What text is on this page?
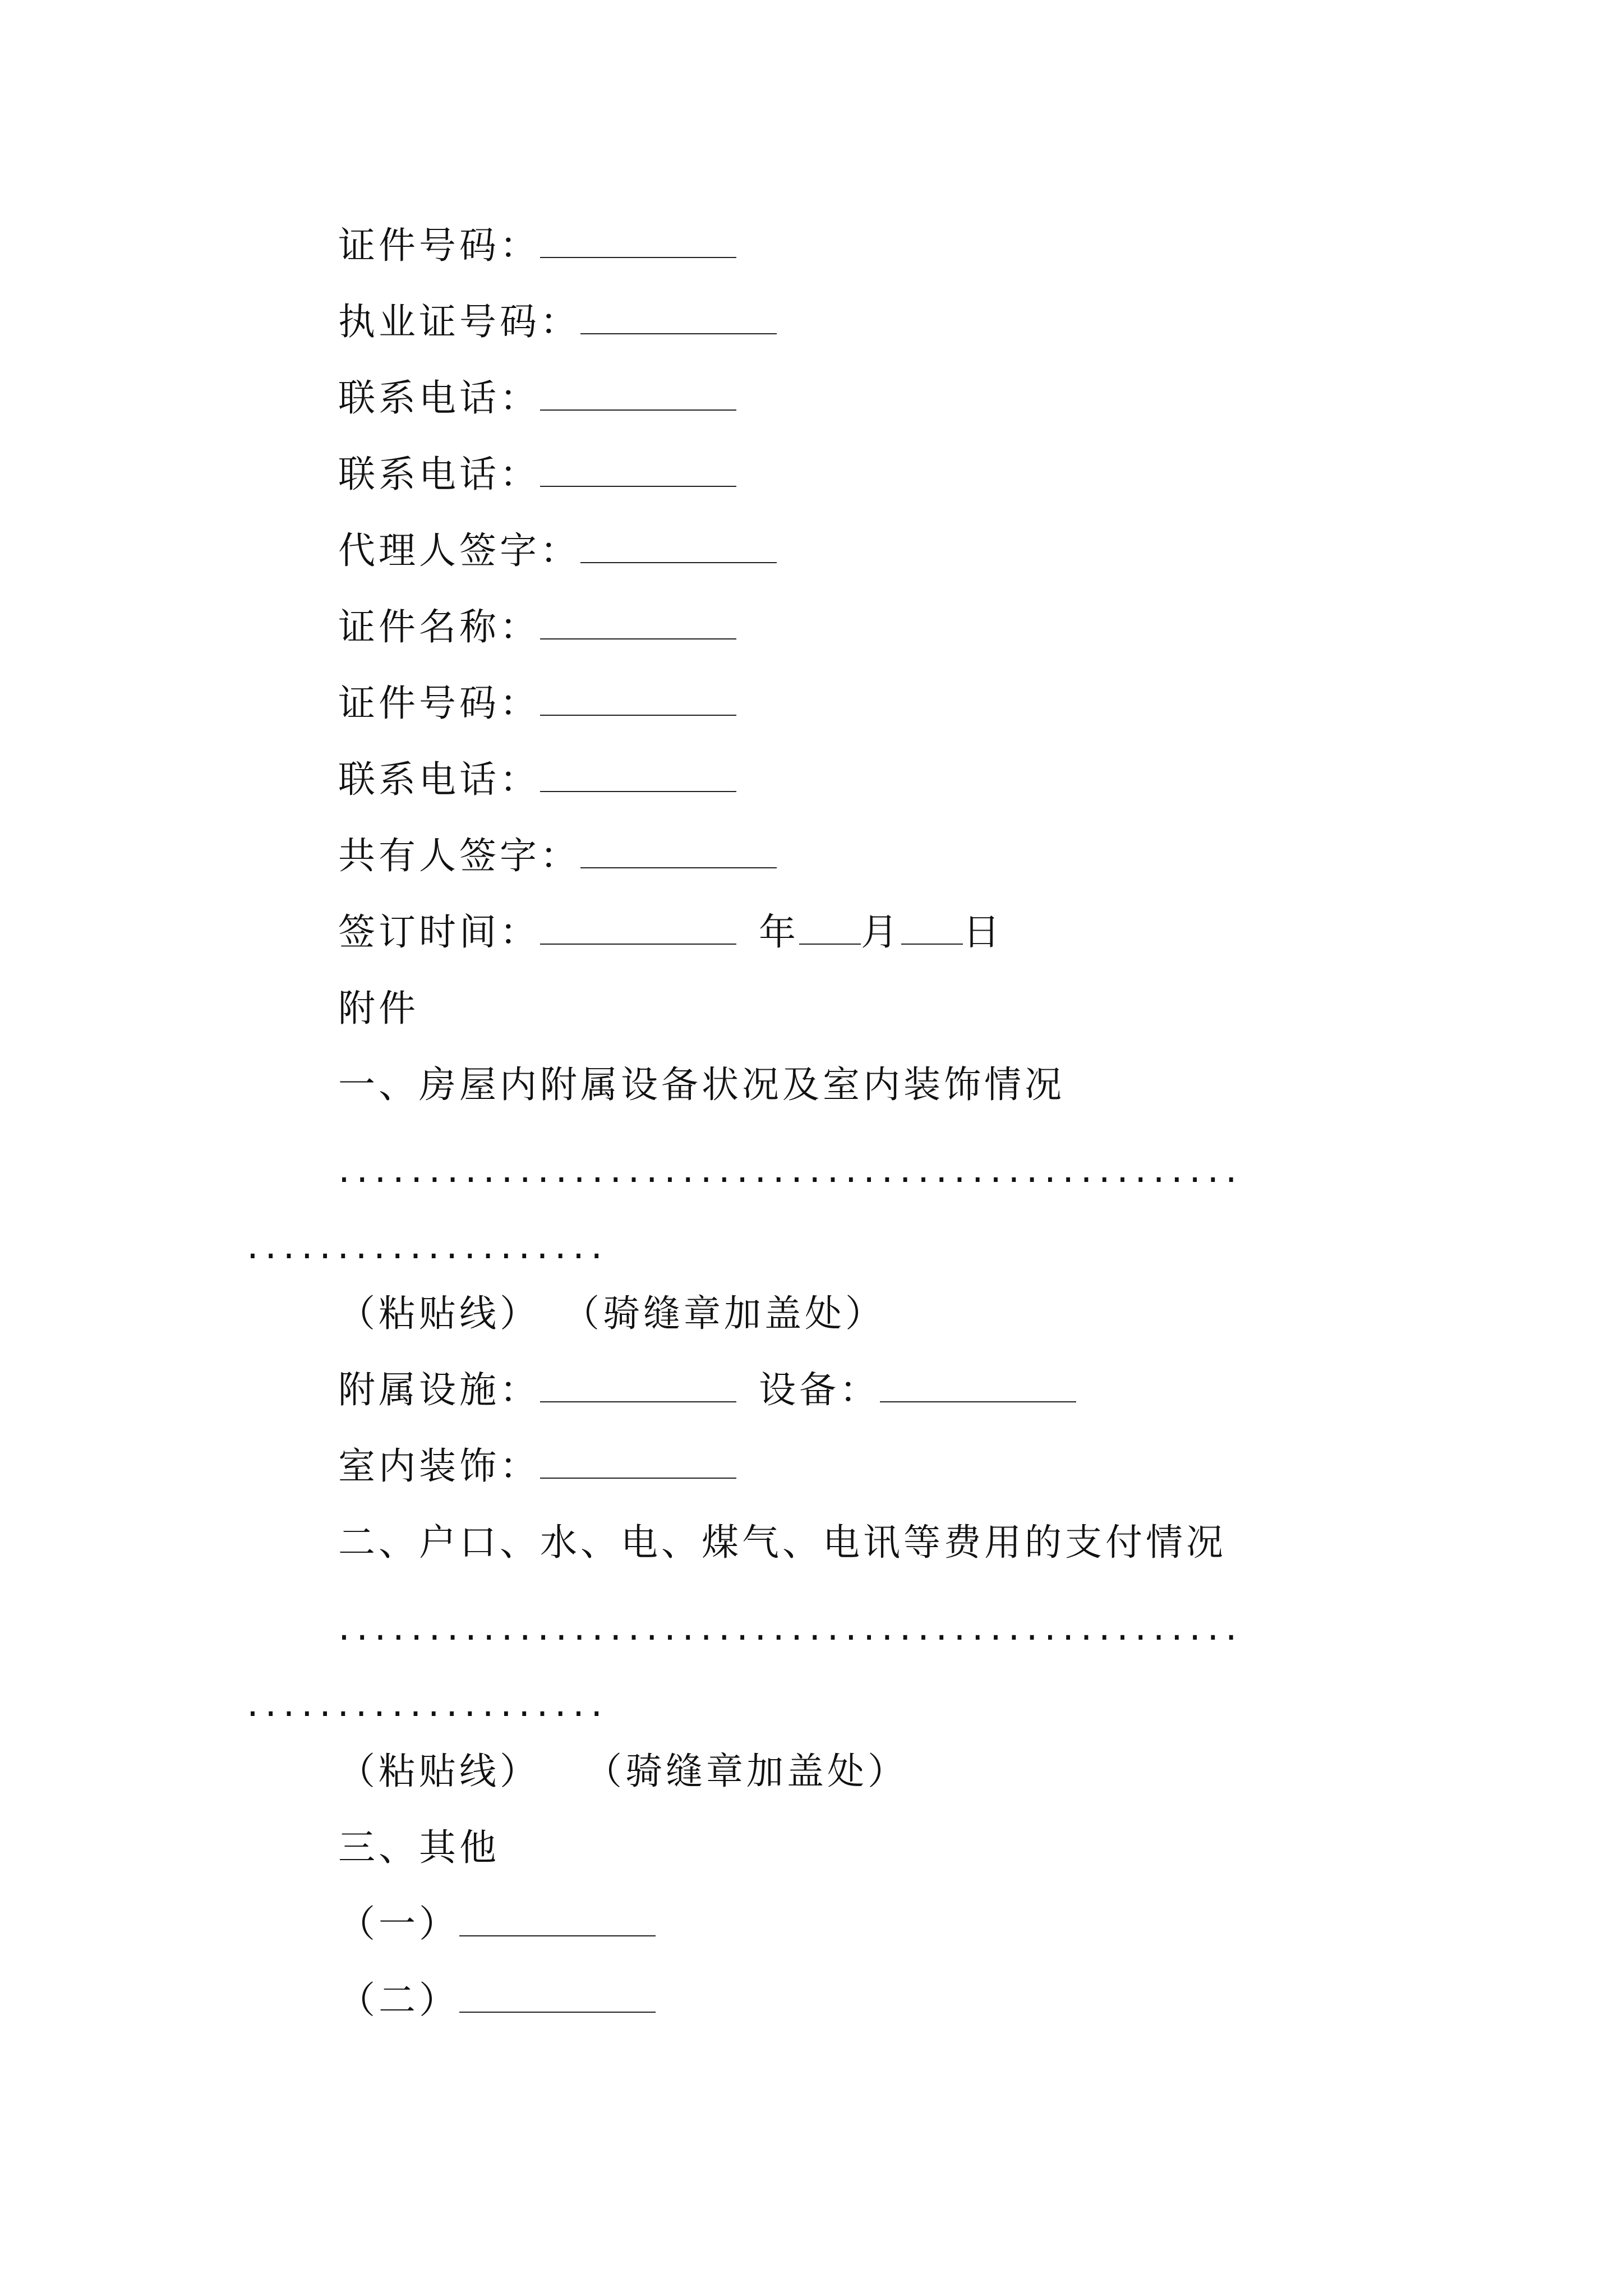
证件号码：
执业证号码：
联系电话：
联系电话：
代理人签字：
证件名称：
证件号码：
联系电话：
共有人签字：
签订时间：	年 月 日
附件
一、房屋内附属设备状况及室内装饰情况
..................................................
....................
（粘贴线） （骑缝章加盖处）
附属设施：	设备：
室内装饰：
二、户口、水、电、煤气、电讯等费用的支付情况
..................................................
....................
（粘贴线） （骑缝章加盖处）
三、其他
（一）
（二）
